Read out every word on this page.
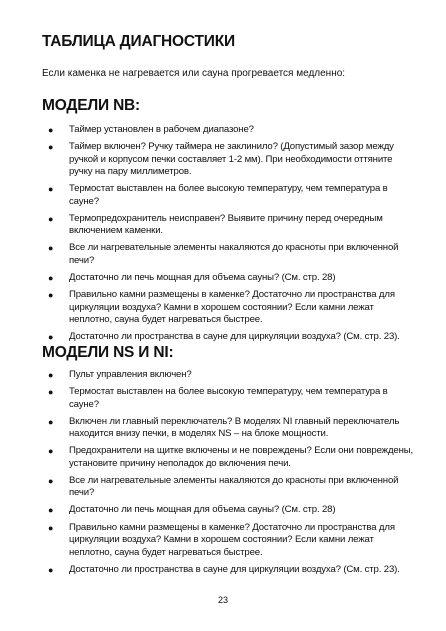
ТАБЛИЦА ДИАГНОСТИКИ
Если каменка не нагревается или сауна прогревается медленно:
МОДЕЛИ NB:
● Таймер установлен в рабочем диапазоне?
● Таймер включен? Ручку таймера не заклинило? (Допустимый зазор между ручкой и корпусом печки составляет 1-2 мм). При необходимости оттяните ручку на пару миллиметров.
● Термостат выставлен на более высокую температуру, чем температура в сауне?
● Термопредохранитель неисправен? Выявите причину перед очередным включением каменки.
● Все ли нагревательные элементы накаляются до красноты при включенной печи?
● Достаточно ли печь мощная для объема сауны? (См. стр. 28)
● Правильно камни размещены в каменке? Достаточно ли пространства для циркуляции воздуха? Камни в хорошем состоянии? Если камни лежат неплотно, сауна будет нагреваться быстрее.
● Достаточно ли пространства в сауне для циркуляции воздуха? (См. стр. 23).
МОДЕЛИ NS И NI:
● Пульт управления включен?
● Термостат выставлен на более высокую температуру, чем температура в сауне?
● Включен ли главный переключатель? В моделях NI главный переключатель находится внизу печки, в моделях NS – на блоке мощности.
● Предохранители на щитке включены и не повреждены? Если они повреждены, установите причину неполадок до включения печи.
● Все ли нагревательные элементы накаляются до красноты при включенной печи?
● Достаточно ли печь мощная для объема сауны? (См. стр. 28)
● Правильно камни размещены в каменке? Достаточно ли пространства для циркуляции воздуха? Камни в хорошем состоянии? Если камни лежат неплотно, сауна будет нагреваться быстрее.
● Достаточно ли пространства в сауне для циркуляции воздуха? (См. стр. 23).
23
